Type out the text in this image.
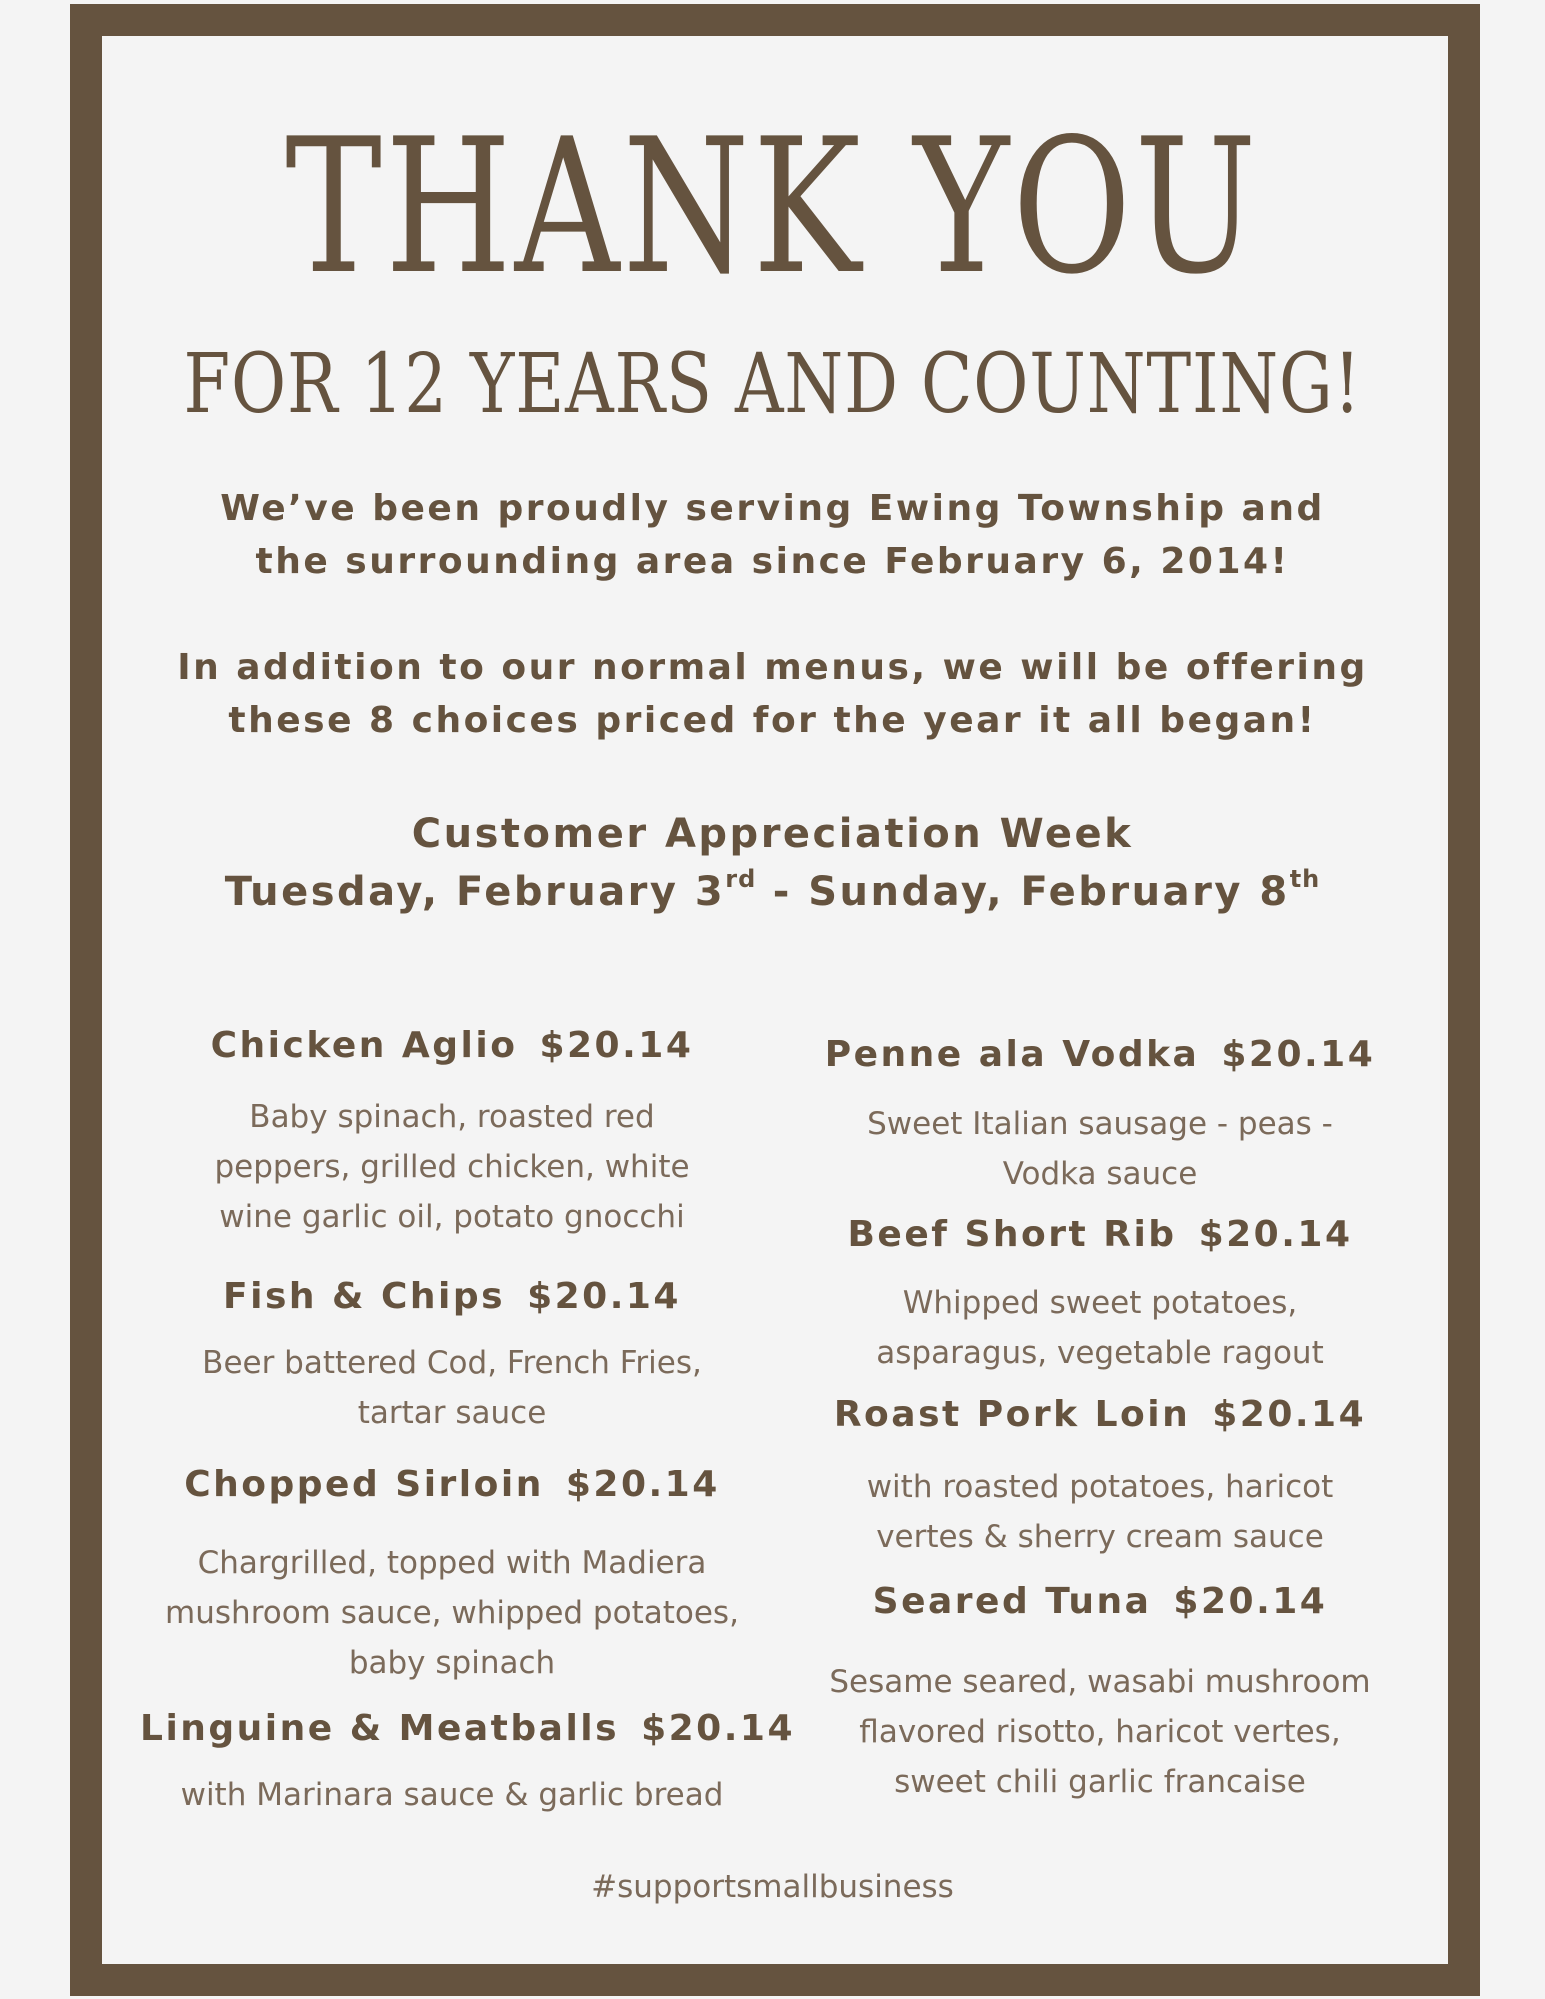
THANK YOU
FOR 12 YEARS AND COUNTING!
We’ve been proudly serving Ewing Township and
the surrounding area since February 6, 2014!
In addition to our normal menus, we will be offering
these 8 choices priced for the year it all began!
Customer Appreciation Week
Tuesday, February 3rd - Sunday, February 8th
Chicken Aglio $20.14
Baby spinach, roasted red
peppers, grilled chicken, white
wine garlic oil, potato gnocchi
Fish & Chips $20.14
Beer battered Cod, French Fries,
tartar sauce
Chopped Sirloin $20.14
Chargrilled, topped with Madiera
mushroom sauce, whipped potatoes,
baby spinach
Linguine & Meatballs $20.14
with Marinara sauce & garlic bread
Penne ala Vodka $20.14
Sweet Italian sausage - peas -
Vodka sauce
Beef Short Rib $20.14
Whipped sweet potatoes,
asparagus, vegetable ragout
Roast Pork Loin $20.14
with roasted potatoes, haricot
vertes & sherry cream sauce
Seared Tuna $20.14
Sesame seared, wasabi mushroom
flavored risotto, haricot vertes,
sweet chili garlic francaise
#supportsmallbusiness
